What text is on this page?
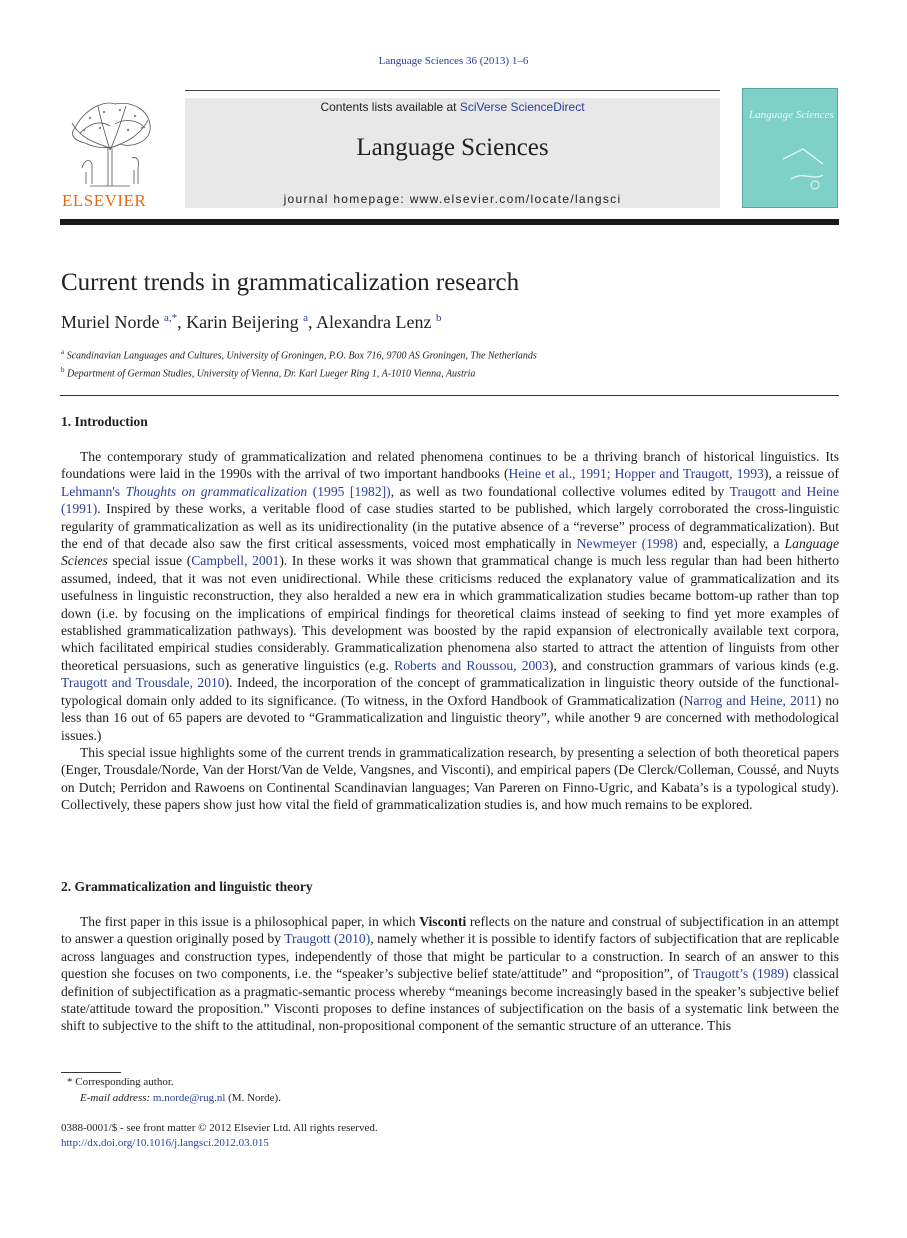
Language Sciences 36 (2013) 1–6
ELSEVIER
Contents lists available at SciVerse ScienceDirect
Language Sciences
journal homepage: www.elsevier.com/locate/langsci
Language Sciences
Current trends in grammaticalization research
Muriel Norde $^{a,*}$, Karin Beijering $^a$, Alexandra Lenz $^b$
$^a$ Scandinavian Languages and Cultures, University of Groningen, P.O. Box 716, 9700 AS Groningen, The Netherlands
$^b$ Department of German Studies, University of Vienna, Dr. Karl Lueger Ring 1, A-1010 Vienna, Austria
1. Introduction

The contemporary study of grammaticalization and related phenomena continues to be a thriving branch of historical linguistics. Its foundations were laid in the 1990s with the arrival of two important handbooks (Heine et al., 1991; Hopper and Traugott, 1993), a reissue of Lehmann's Thoughts on grammaticalization (1995 [1982]), as well as two foundational collective volumes edited by Traugott and Heine (1991). Inspired by these works, a veritable flood of case studies started to be published, which largely corroborated the cross-linguistic regularity of grammaticalization as well as its unidirectionality (in the putative absence of a “reverse” process of degrammaticalization). But the end of that decade also saw the first critical assessments, voiced most emphatically in Newmeyer (1998) and, especially, a Language Sciences special issue (Campbell, 2001). In these works it was shown that grammatical change is much less regular than had been hitherto assumed, indeed, that it was not even unidirectional. While these criticisms reduced the explanatory value of grammaticalization and its usefulness in linguistic reconstruction, they also heralded a new era in which grammaticalization studies became bottom-up rather than top down (i.e. by focusing on the implications of empirical findings for theoretical claims instead of seeking to find yet more examples of established grammaticalization pathways). This development was boosted by the rapid expansion of electronically available text corpora, which facilitated empirical studies considerably. Grammaticalization phenomena also started to attract the attention of linguists from other theoretical persuasions, such as generative linguistics (e.g. Roberts and Roussou, 2003), and construction grammars of various kinds (e.g. Traugott and Trousdale, 2010). Indeed, the incorporation of the concept of grammaticalization in linguistic theory outside of the functional-typological domain only added to its significance. (To witness, in the Oxford Handbook of Grammaticalization (Narrog and Heine, 2011) no less than 16 out of 65 papers are devoted to “Grammaticalization and linguistic theory”, while another 9 are concerned with methodological issues.)

This special issue highlights some of the current trends in grammaticalization research, by presenting a selection of both theoretical papers (Enger, Trousdale/Norde, Van der Horst/Van de Velde, Vangsnes, and Visconti), and empirical papers (De Clerck/Colleman, Coussé, and Nuyts on Dutch; Perridon and Rawoens on Continental Scandinavian languages; Van Pareren on Finno-Ugric, and Kabata’s is a typological study). Collectively, these papers show just how vital the field of grammaticalization studies is, and how much remains to be explored.

2. Grammaticalization and linguistic theory

The first paper in this issue is a philosophical paper, in which Visconti reflects on the nature and construal of subjectification in an attempt to answer a question originally posed by Traugott (2010), namely whether it is possible to identify factors of subjectification that are replicable across languages and construction types, independently of those that might be particular to a construction. In search of an answer to this question she focuses on two components, i.e. the “speaker’s subjective belief state/attitude” and “proposition”, of Traugott’s (1989) classical definition of subjectification as a pragmatic-semantic process whereby “meanings become increasingly based in the speaker’s subjective belief state/attitude toward the proposition.” Visconti proposes to define instances of subjectification on the basis of a systematic link between the shift to subjective to the shift to the attitudinal, non-propositional component of the semantic structure of an utterance. This

* Corresponding author.
E-mail address: m.norde@rug.nl (M. Norde).
0388-0001/$ - see front matter © 2012 Elsevier Ltd. All rights reserved.
http://dx.doi.org/10.1016/j.langsci.2012.03.015
